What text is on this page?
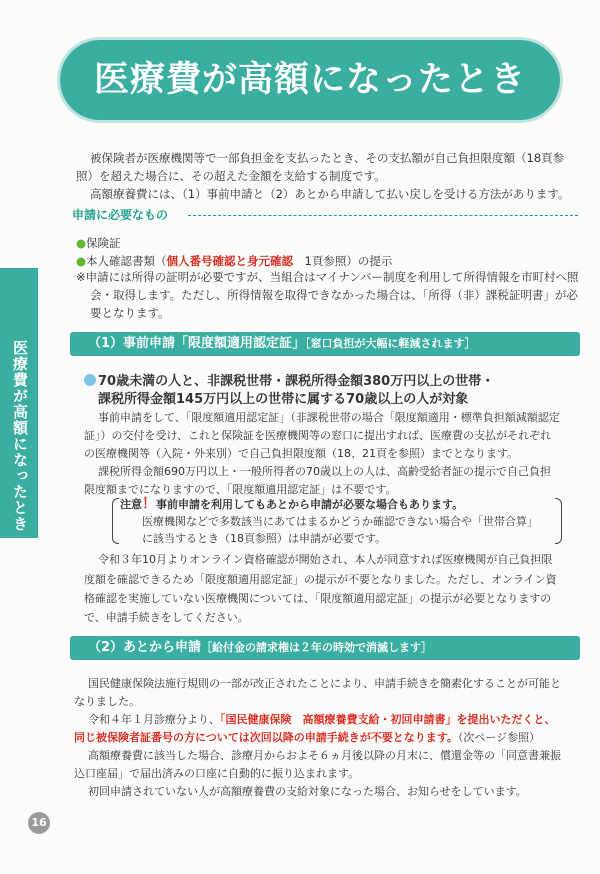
医療費が高額になったとき
被保険者が医療機関等で一部負担金を支払ったとき、その支払額が自己負担限度額（18頁参
照）を超えた場合に、その超えた金額を支給する制度です。
高額療養費には、（1）事前申請と（2）あとから申請して払い戻しを受ける方法があります。
申請に必要なもの
●保険証
●本人確認書類（個人番号確認と身元確認　1頁参照）の提示
※申請には所得の証明が必要ですが、当組合はマイナンバー制度を利用して所得情報を市町村へ照
会・取得します。ただし、所得情報を取得できなかった場合は、「所得（非）課税証明書」が必
要となります。
（1）事前申請「限度額適用認定証」［窓口負担が大幅に軽減されます］
70歳未満の人と、非課税世帯・課税所得金額380万円以上の世帯・
課税所得金額145万円以上の世帯に属する70歳以上の人が対象
事前申請をして、「限度額適用認定証」（非課税世帯の場合「限度額適用・標準負担額減額認定
証」）の交付を受け、これと保険証を医療機関等の窓口に提出すれば、医療費の支払がそれぞれ
の医療機関等（入院・外来別）で自己負担限度額（18、21頁を参照）までとなります。
課税所得金額690万円以上・一般所得者の70歳以上の人は、高齢受給者証の提示で自己負担
限度額までになりますので、「限度額適用認定証」は不要です。
注意！事前申請を利用してもあとから申請が必要な場合もあります。
医療機関などで多数該当にあてはまるかどうか確認できない場合や「世帯合算」
に該当するとき（18頁参照）は申請が必要です。
令和３年10月よりオンライン資格確認が開始され、本人が同意すれば医療機関が自己負担限
度額を確認できるため「限度額適用認定証」の提示が不要となりました。ただし、オンライン資
格確認を実施していない医療機関については、「限度額適用認定証」の提示が必要となりますの
で、申請手続きをしてください。
（2）あとから申請［給付金の請求権は２年の時効で消滅します］
国民健康保険法施行規則の一部が改正されたことにより、申請手続きを簡素化することが可能と
なりました。
令和４年１月診療分より、「国民健康保険　高額療養費支給・初回申請書」を提出いただくと、
同じ被保険者証番号の方については次回以降の申請手続きが不要となります。（次ページ参照）
高額療養費に該当した場合、診療月からおよそ６ヵ月後以降の月末に、償還金等の「同意書兼振
込口座届」で届出済みの口座に自動的に振り込まれます。
初回申請されていない人が高額療養費の支給対象になった場合、お知らせをしています。
医療費が高額になったとき
16
